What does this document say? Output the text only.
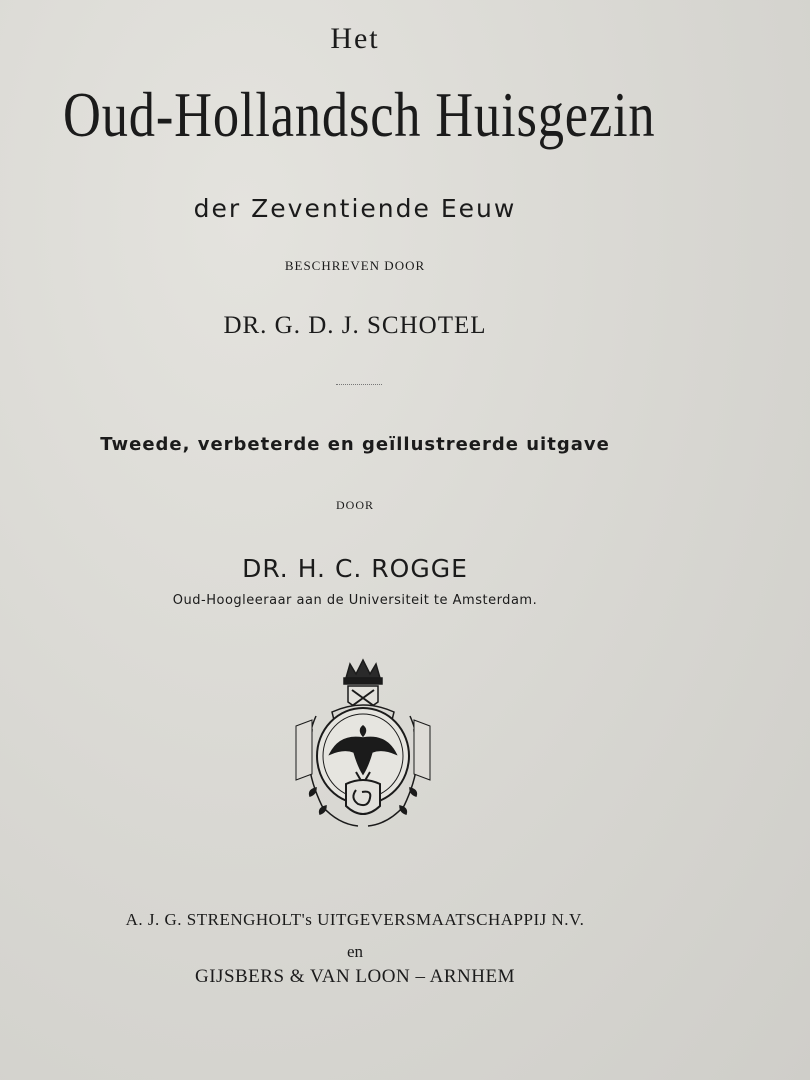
Het
Oud-Hollandsch Huisgezin
der Zeventiende Eeuw
BESCHREVEN DOOR
DR. G. D. J. SCHOTEL
Tweede, verbeterde en geïllustreerde uitgave
DOOR
DR. H. C. ROGGE
Oud-Hoogleeraar aan de Universiteit te Amsterdam.
A. J. G. STRENGHOLT's UITGEVERSMAATSCHAPPIJ N.V.
en
GIJSBERS & VAN LOON – ARNHEM
